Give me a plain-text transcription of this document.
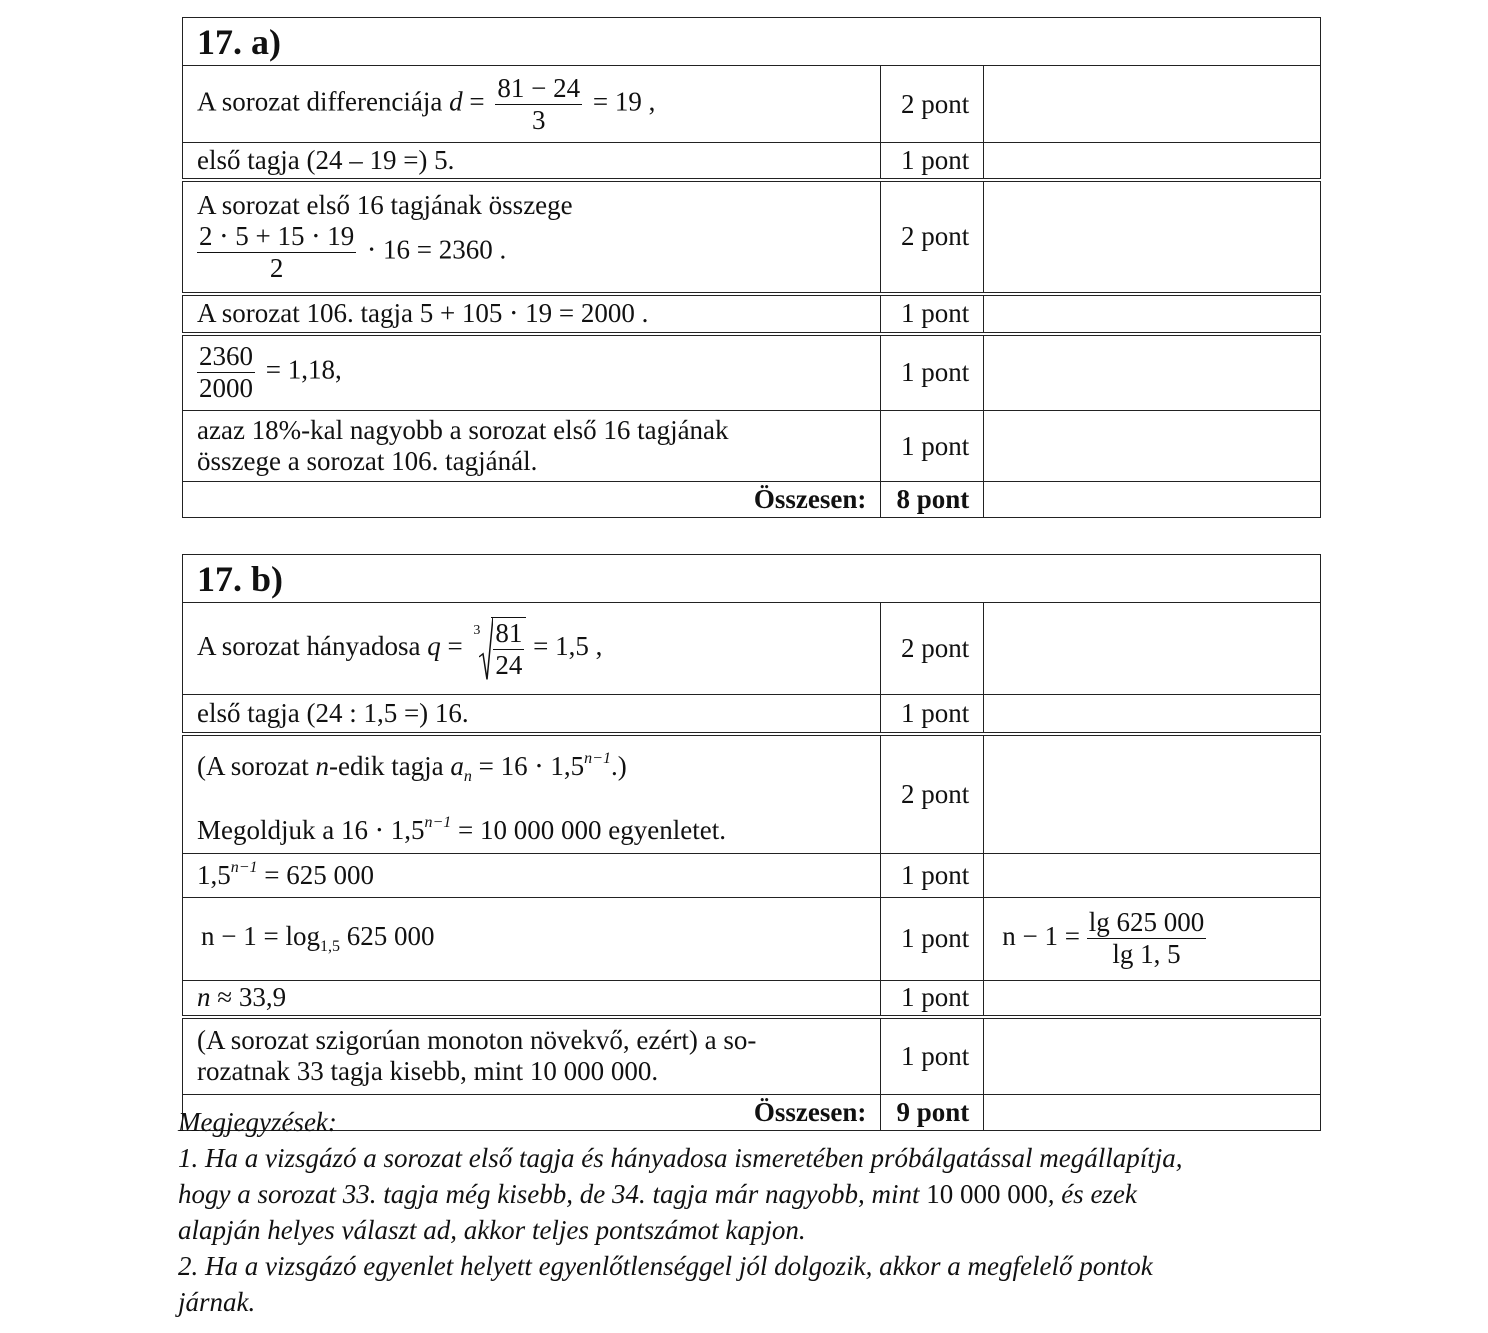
17. a)		
A sorozat differenciája $d = \frac{81 - 24}{3} = 19$ ,	2 pont	
első tagja (24 – 19 =) 5.	1 pont	

A sorozat első 16 tagjának összege
$\frac{2 \cdot 5 + 15 \cdot 19}{2} \cdot 16 = 2360$ .	2 pont	
A sorozat 106. tagja 5 + 105 ⋅ 19 = 2000 .	1 pont	

$\frac{2360}{2000} = 1,18$,	1 pont	

azaz 18%-kal nagyobb a sorozat első 16 tagjának
összege a sorozat 106. tagjánál.	1 pont	
Összesen:	8 pont	
17. b)		
A sorozat hányadosa q =
$3 \frac{81}{24} = 1,5$ ,	2 pont	
első tagja (24 : 1,5 =) 16.	1 pont	

(A sorozat n-edik tagja $a_n = 16 \cdot 1,5^{n-1}$.)
Megoldjuk a $16 \cdot 1,5^{n-1} = 10$ 000 000 egyenletet.	2 pont	
$1,5^{n-1} = 625$ 000	1 pont	
$n - 1 = \log_{1,5} 625$ 000	1 pont	$n - 1 = \frac{\lg 625 000}{\lg 1, 5}$

n ≈ 33,9	1 pont	

(A sorozat szigorúan monoton növekvő, ezért) a so-
rozatnak 33 tagja kisebb, mint 10 000 000.	1 pont	
Összesen:	9 pont	

Megjegyzések:

1. Ha a vizsgázó a sorozat első tagja és hányadosa ismeretében próbálgatással megállapítja,

hogy a sorozat 33. tagja még kisebb, de 34. tagja már nagyobb, mint 10 000 000, és ezek

alapján helyes választ ad, akkor teljes pontszámot kapjon.

2. Ha a vizsgázó egyenlet helyett egyenlőtlenséggel jól dolgozik, akkor a megfelelő pontok

járnak.
